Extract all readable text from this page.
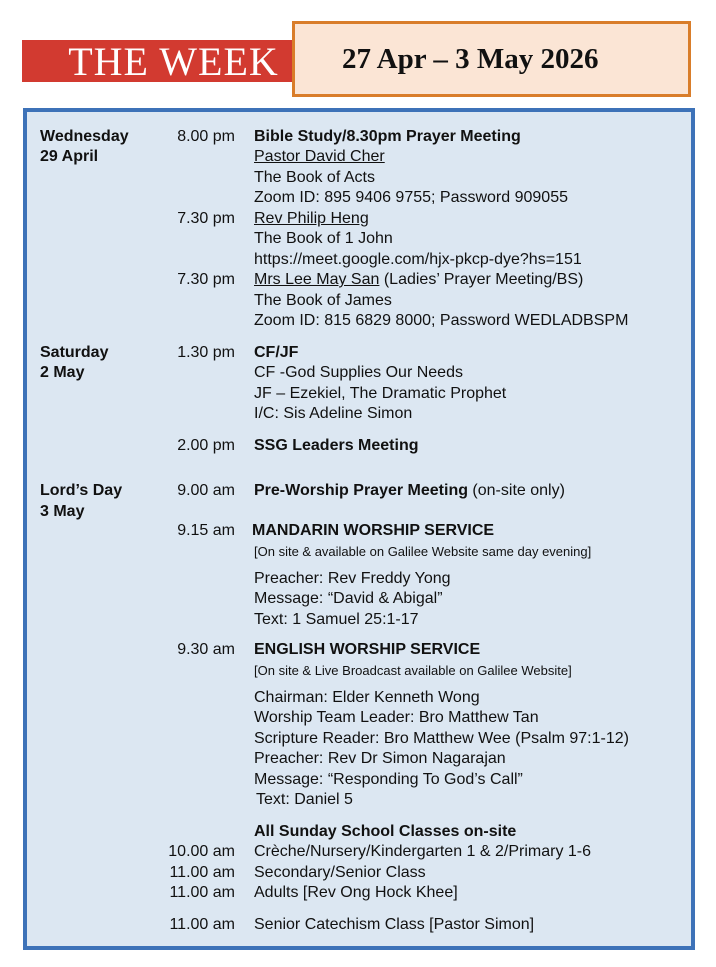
THE WEEK	27 Apr – 3 May 2026
Wednesday
29 April
8.00 pm Bible Study/8.30pm Prayer Meeting
Pastor David Cher
The Book of Acts
Zoom ID: 895 9406 9755; Password 909055
7.30 pm Rev Philip Heng
The Book of 1 John
https://meet.google.com/hjx-pkcp-dye?hs=151
7.30 pm Mrs Lee May San (Ladies’ Prayer Meeting/BS)
The Book of James
Zoom ID: 815 6829 8000; Password WEDLADBSPM
Saturday
2 May
1.30 pm CF/JF
CF -God Supplies Our Needs
JF – Ezekiel, The Dramatic Prophet
I/C: Sis Adeline Simon
2.00 pm SSG Leaders Meeting
Lord’s Day
3 May
9.00 am Pre-Worship Prayer Meeting (on-site only)
9.15 am MANDARIN WORSHIP SERVICE
[On site & available on Galilee Website same day evening]
Preacher: Rev Freddy Yong
Message: “David & Abigal”
Text: 1 Samuel 25:1-17
9.30 am ENGLISH WORSHIP SERVICE
[On site & Live Broadcast available on Galilee Website]
Chairman: Elder Kenneth Wong
Worship Team Leader: Bro Matthew Tan
Scripture Reader: Bro Matthew Wee (Psalm 97:1-12)
Preacher: Rev Dr Simon Nagarajan
Message: “Responding To God’s Call”
Text: Daniel 5
All Sunday School Classes on-site
10.00 am Crèche/Nursery/Kindergarten 1 & 2/Primary 1-6
11.00 am Secondary/Senior Class
11.00 am Adults [Rev Ong Hock Khee]
11.00 am Senior Catechism Class [Pastor Simon]
